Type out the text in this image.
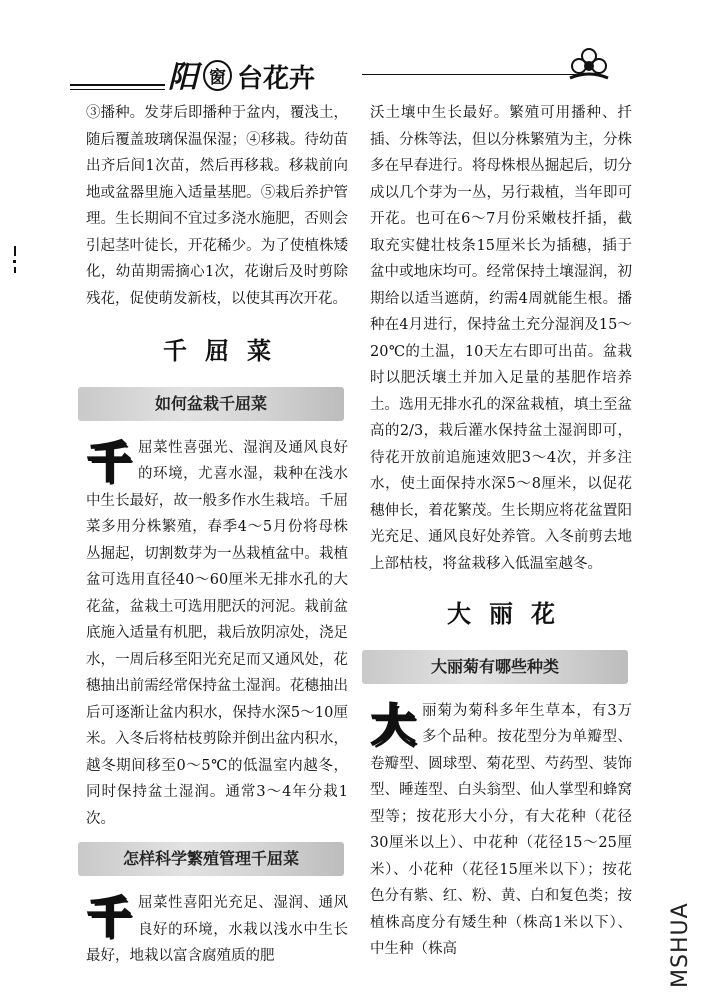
阳 窗 台花卉

③播种。发芽后即播种于盆内，覆浅土，随后覆盖玻璃保温保湿；④移栽。待幼苗出齐后间1次苗，然后再移栽。移栽前向地或盆器里施入适量基肥。⑤栽后养护管理。生长期间不宜过多浇水施肥，否则会引起茎叶徒长，开花稀少。为了使植株矮化，幼苗期需摘心1次，花谢后及时剪除残花，促使萌发新枝，以使其再次开花。

千屈菜
如何盆栽千屈菜

千屈菜性喜强光、湿润及通风良好的环境，尤喜水湿，栽种在浅水中生长最好，故一般多作水生栽培。千屈菜多用分株繁殖，春季4～5月份将母株丛掘起，切割数芽为一丛栽植盆中。栽植盆可选用直径40～60厘米无排水孔的大花盆，盆栽土可选用肥沃的河泥。栽前盆底施入适量有机肥，栽后放阴凉处，浇足水，一周后移至阳光充足而又通风处，花穗抽出前需经常保持盆土湿润。花穗抽出后可逐渐让盆内积水，保持水深5～10厘米。入冬后将枯枝剪除并倒出盆内积水，越冬期间移至0～5℃的低温室内越冬，同时保持盆土湿润。通常3～4年分栽1次。

怎样科学繁殖管理千屈菜

千屈菜性喜阳光充足、湿润、通风良好的环境，水栽以浅水中生长最好，地栽以富含腐殖质的肥

沃土壤中生长最好。繁殖可用播种、扦插、分株等法，但以分株繁殖为主，分株多在早春进行。将母株根丛掘起后，切分成以几个芽为一丛，另行栽植，当年即可开花。也可在6～7月份采嫩枝扦插，截取充实健壮枝条15厘米长为插穗，插于盆中或地床均可。经常保持土壤湿润，初期给以适当遮荫，约需4周就能生根。播种在4月进行，保持盆土充分湿润及15～20℃的土温，10天左右即可出苗。盆栽时以肥沃壤土并加入足量的基肥作培养土。选用无排水孔的深盆栽植，填土至盆高的2/3，栽后灌水保持盆土湿润即可，待花开放前追施速效肥3～4次，并多注水，使土面保持水深5～8厘米，以促花穗伸长，着花繁茂。生长期应将花盆置阳光充足、通风良好处养管。入冬前剪去地上部枯枝，将盆栽移入低温室越冬。

大丽花
大丽菊有哪些种类

大丽菊为菊科多年生草本，有3万多个品种。按花型分为单瓣型、卷瓣型、圆球型、菊花型、芍药型、装饰型、睡莲型、白头翁型、仙人掌型和蜂窝型等；按花形大小分，有大花种（花径30厘米以上）、中花种（花径15～25厘米）、小花种（花径15厘米以下）；按花色分有紫、红、粉、黄、白和复色类；按植株高度分有矮生种（株高1米以下）、中生种（株高	MSHUA
